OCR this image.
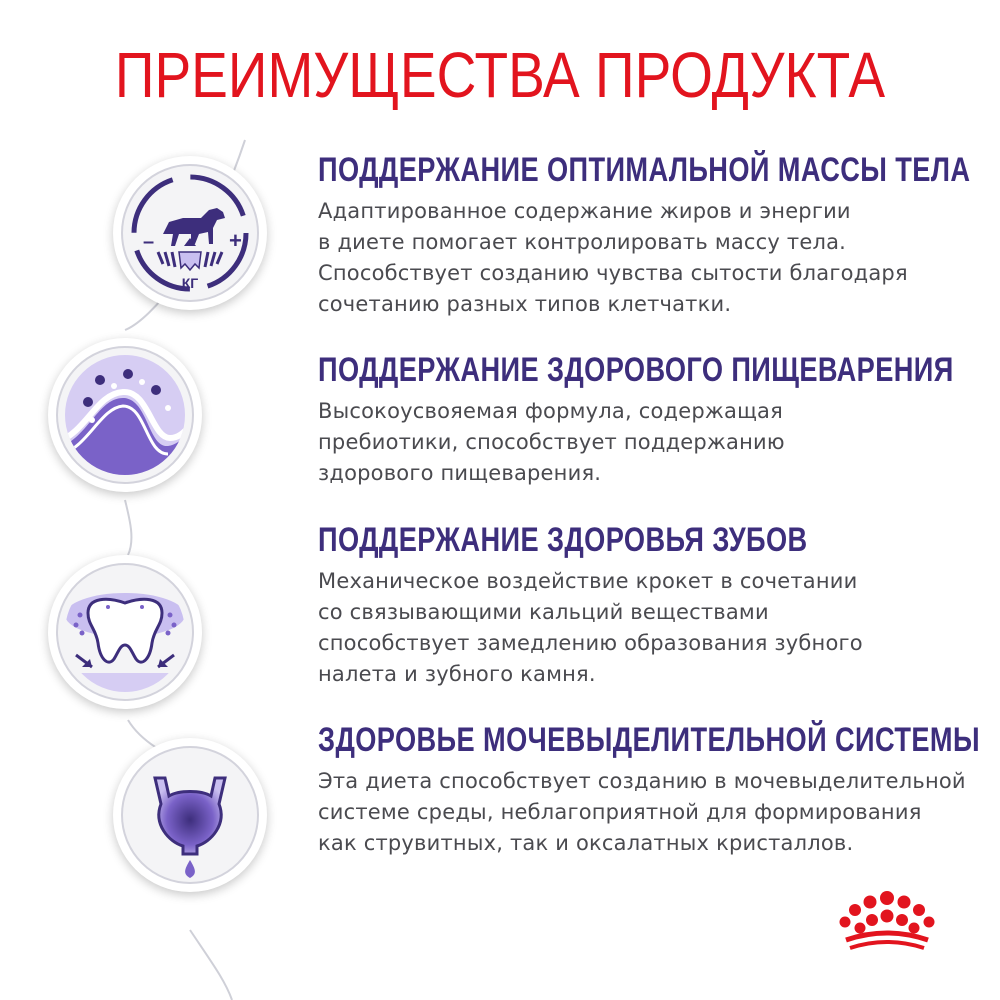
ПРЕИМУЩЕСТВА ПРОДУКТА
–	+
КГ
ПОДДЕРЖАНИЕ ОПТИМАЛЬНОЙ МАССЫ ТЕЛА
Адаптированное содержание жиров и энергии
в диете помогает контролировать массу тела.
Способствует созданию чувства сытости благодаря
сочетанию разных типов клетчатки.
ПОДДЕРЖАНИЕ ЗДОРОВОГО ПИЩЕВАРЕНИЯ
Высокоусвояемая формула, содержащая
пребиотики, способствует поддержанию
здорового пищеварения.
ПОДДЕРЖАНИЕ ЗДОРОВЬЯ ЗУБОВ
Механическое воздействие крокет в сочетании
со связывающими кальций веществами
способствует замедлению образования зубного
налета и зубного камня.
ЗДОРОВЬЕ МОЧЕВЫДЕЛИТЕЛЬНОЙ СИСТЕМЫ
Эта диета способствует созданию в мочевыделительной
системе среды, неблагоприятной для формирования
как струвитных, так и оксалатных кристаллов.
